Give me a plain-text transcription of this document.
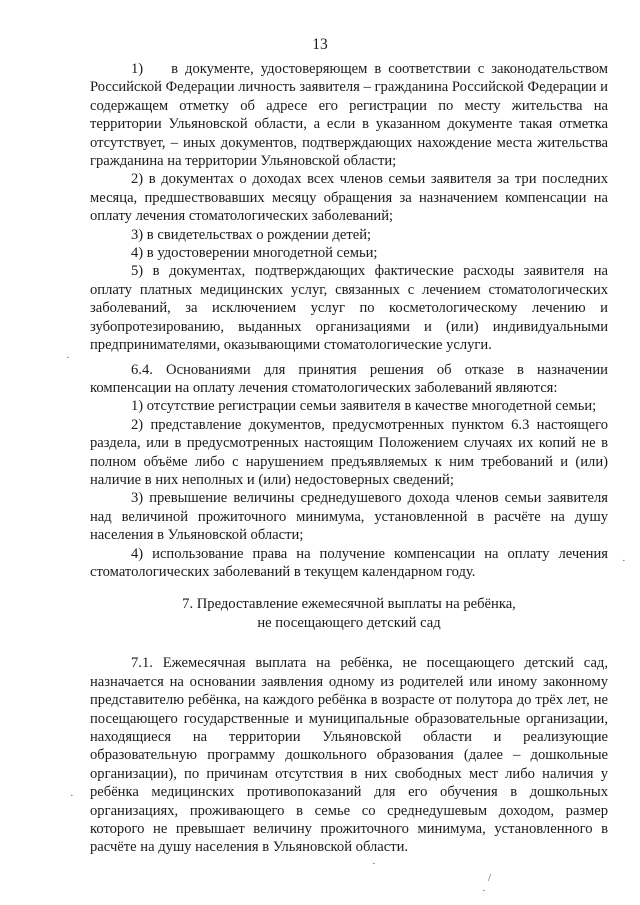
13

1)    в документе, удостоверяющем в соответствии с законодательством Российской Федерации личность заявителя – гражданина Российской Федерации и содержащем отметку об адресе его регистрации по месту жительства на территории Ульяновской области, а если в указанном документе такая отметка отсутствует, – иных документов, подтверждающих нахождение места жительства гражданина на территории Ульяновской области;

2) в документах о доходах всех членов семьи заявителя за три последних месяца, предшествовавших месяцу обращения за назначением компенсации на оплату лечения стоматологических заболеваний;

3) в свидетельствах о рождении детей;

4) в удостоверении многодетной семьи;

5) в документах, подтверждающих фактические расходы заявителя на оплату платных медицинских услуг, связанных с лечением стоматологических заболеваний, за исключением услуг по косметологическому лечению и зубопротезированию, выданных организациями и (или) индивидуальными предпринимателями, оказывающими стоматологические услуги.

6.4. Основаниями для принятия решения об отказе в назначении компенсации на оплату лечения стоматологических заболеваний являются:

1) отсутствие регистрации семьи заявителя в качестве многодетной семьи;

2) представление документов, предусмотренных пунктом 6.3 настоящего раздела, или в предусмотренных настоящим Положением случаях их копий не в полном объёме либо с нарушением предъявляемых к ним требований и (или) наличие в них неполных и (или) недостоверных сведений;

3) превышение величины среднедушевого дохода членов семьи заявителя над величиной прожиточного минимума, установленной в расчёте на душу населения в Ульяновской области;

4) использование права на получение компенсации на оплату лечения стоматологических заболеваний в текущем календарном году.

7. Предоставление ежемесячной выплаты на ребёнка,
не посещающего детский сад

7.1. Ежемесячная выплата на ребёнка, не посещающего детский сад, назначается на основании заявления одному из родителей или иному законному представителю ребёнка, на каждого ребёнка в возрасте от полутора до трёх лет, не посещающего государственные и муниципальные образовательные организации, находящиеся на территории Ульяновской области и реализующие образовательную программу дошкольного образования (далее – дошкольные организации), по причинам отсутствия в них свободных мест либо наличия у ребёнка медицинских противопоказаний для его обучения в дошкольных организациях, проживающего в семье со среднедушевым доходом, размер которого не превышает величину прожиточного минимума, установленного в расчёте на душу населения в Ульяновской области.

·
·
·
·
/
·
